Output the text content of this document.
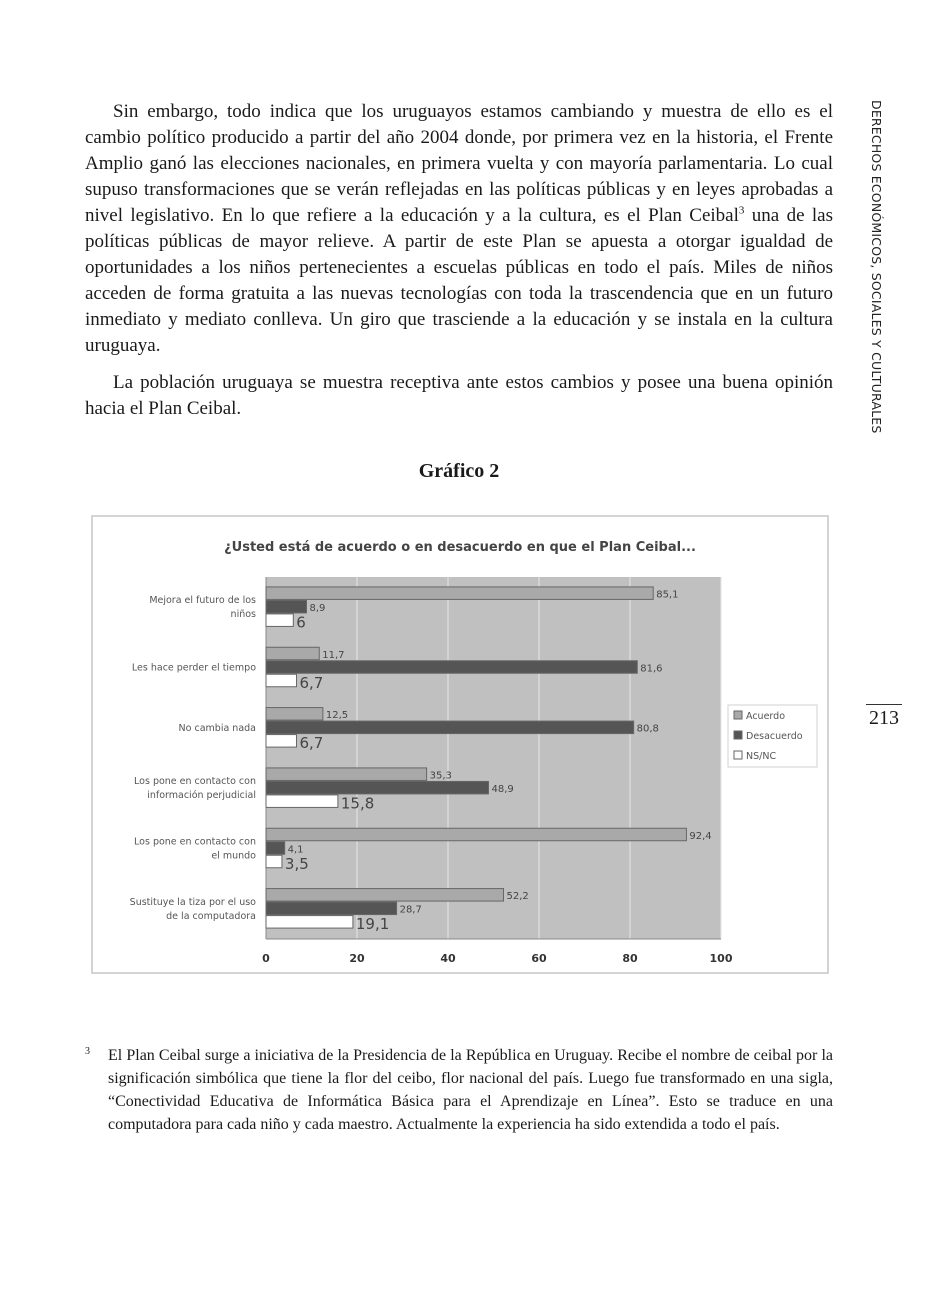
Sin embargo, todo indica que los uruguayos estamos cambiando y muestra de ello es el cambio político producido a partir del año 2004 donde, por primera vez en la historia, el Frente Amplio ganó las elecciones nacionales, en primera vuelta y con mayoría parlamentaria. Lo cual supuso transformaciones que se verán reflejadas en las políticas públicas y en leyes aprobadas a nivel legislativo. En lo que refiere a la educación y a la cultura, es el Plan Ceibal$^3$ una de las políticas públicas de mayor relieve. A partir de este Plan se apuesta a otorgar igualdad de oportunidades a los niños pertenecientes a escuelas públicas en todo el país. Miles de niños acceden de forma gratuita a las nuevas tecnologías con toda la trascendencia que en un futuro inmediato y mediato conlleva. Un giro que trasciende a la educación y se instala en la cultura uruguaya.

La población uruguaya se muestra receptiva ante estos cambios y posee una buena opinión hacia el Plan Ceibal.	DERECHOS ECONÓMICOS, SOCIALES Y CULTURALES
213
Gráfico 2
¿Usted está de acuerdo o en desacuerdo en que el Plan Ceibal...
0	20	40	60	80	100
Mejora el futuro de los
niños
85,1
8,9
6
Les hace perder el tiempo
11,7
81,6
6,7
No cambia nada
12,5
80,8
6,7
Los pone en contacto con
información perjudicial
35,3
48,9
15,8
Los pone en contacto con
el mundo
92,4
4,1
3,5
Sustituye la tiza por el uso
de la computadora
52,2
28,7
19,1
Acuerdo
Desacuerdo
NS/NC
3 El Plan Ceibal surge a iniciativa de la Presidencia de la República en Uruguay. Recibe el nombre de ceibal por la significación simbólica que tiene la flor del ceibo, flor nacional del país. Luego fue transformado en una sigla, “Conectividad Educativa de Informática Básica para el Aprendizaje en Línea”. Esto se traduce en una computadora para cada niño y cada maestro. Actualmente la experiencia ha sido extendida a todo el país.
